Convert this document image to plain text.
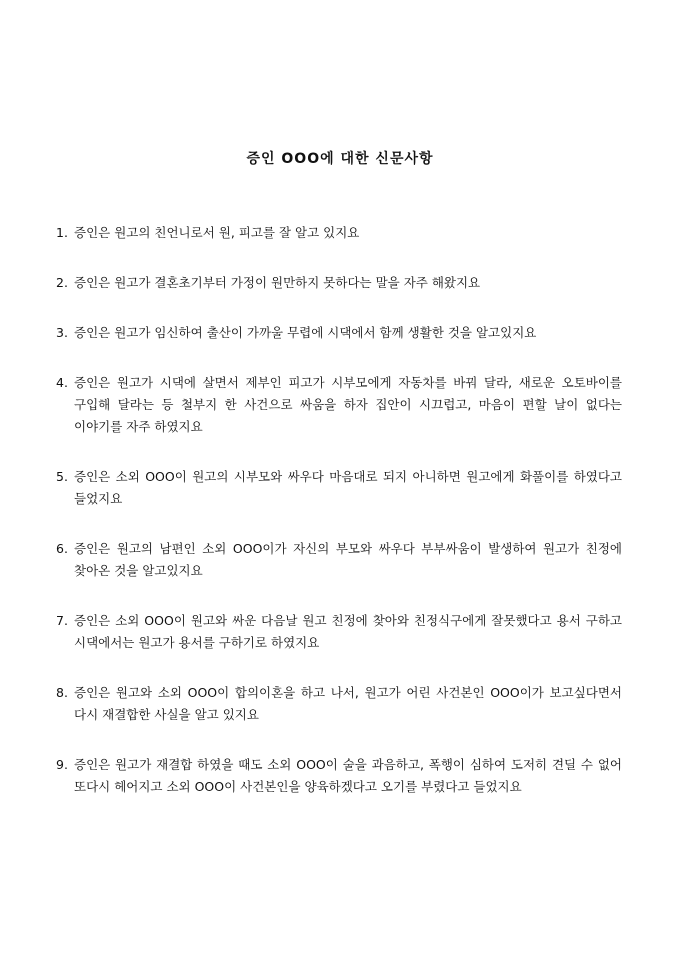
증인 OOO에 대한 신문사항
1. 증인은 원고의 친언니로서 원, 피고를 잘 알고 있지요
2. 증인은 원고가 결혼초기부터 가정이 원만하지 못하다는 말을 자주 해왔지요
3. 증인은 원고가 임신하여 출산이 가까울 무렵에 시댁에서 함께 생활한 것을 알고있지요
4. 증인은 원고가 시댁에 살면서 제부인 피고가 시부모에게 자동차를 바꿔 달라, 새로운 오토바이를 구입해 달라는 등 철부지 한 사건으로 싸움을 하자 집안이 시끄럽고, 마음이 편할 날이 없다는 이야기를 자주 하였지요
5. 증인은 소외 OOO이 원고의 시부모와 싸우다 마음대로 되지 아니하면 원고에게 화풀이를 하였다고 들었지요
6. 증인은 원고의 남편인 소외 OOO이가 자신의 부모와 싸우다 부부싸움이 발생하여 원고가 친정에 찾아온 것을 알고있지요
7. 증인은 소외 OOO이 원고와 싸운 다음날 원고 친정에 찾아와 친정식구에게 잘못했다고 용서 구하고 시댁에서는 원고가 용서를 구하기로 하였지요
8. 증인은 원고와 소외 OOO이 합의이혼을 하고 나서, 원고가 어린 사건본인 OOO이가 보고싶다면서 다시 재결합한 사실을 알고 있지요
9. 증인은 원고가 재결합 하였을 때도 소외 OOO이 술을 과음하고, 폭행이 심하여 도저히 견딜 수 없어 또다시 헤어지고 소외 OOO이 사건본인을 양육하겠다고 오기를 부렸다고 들었지요
